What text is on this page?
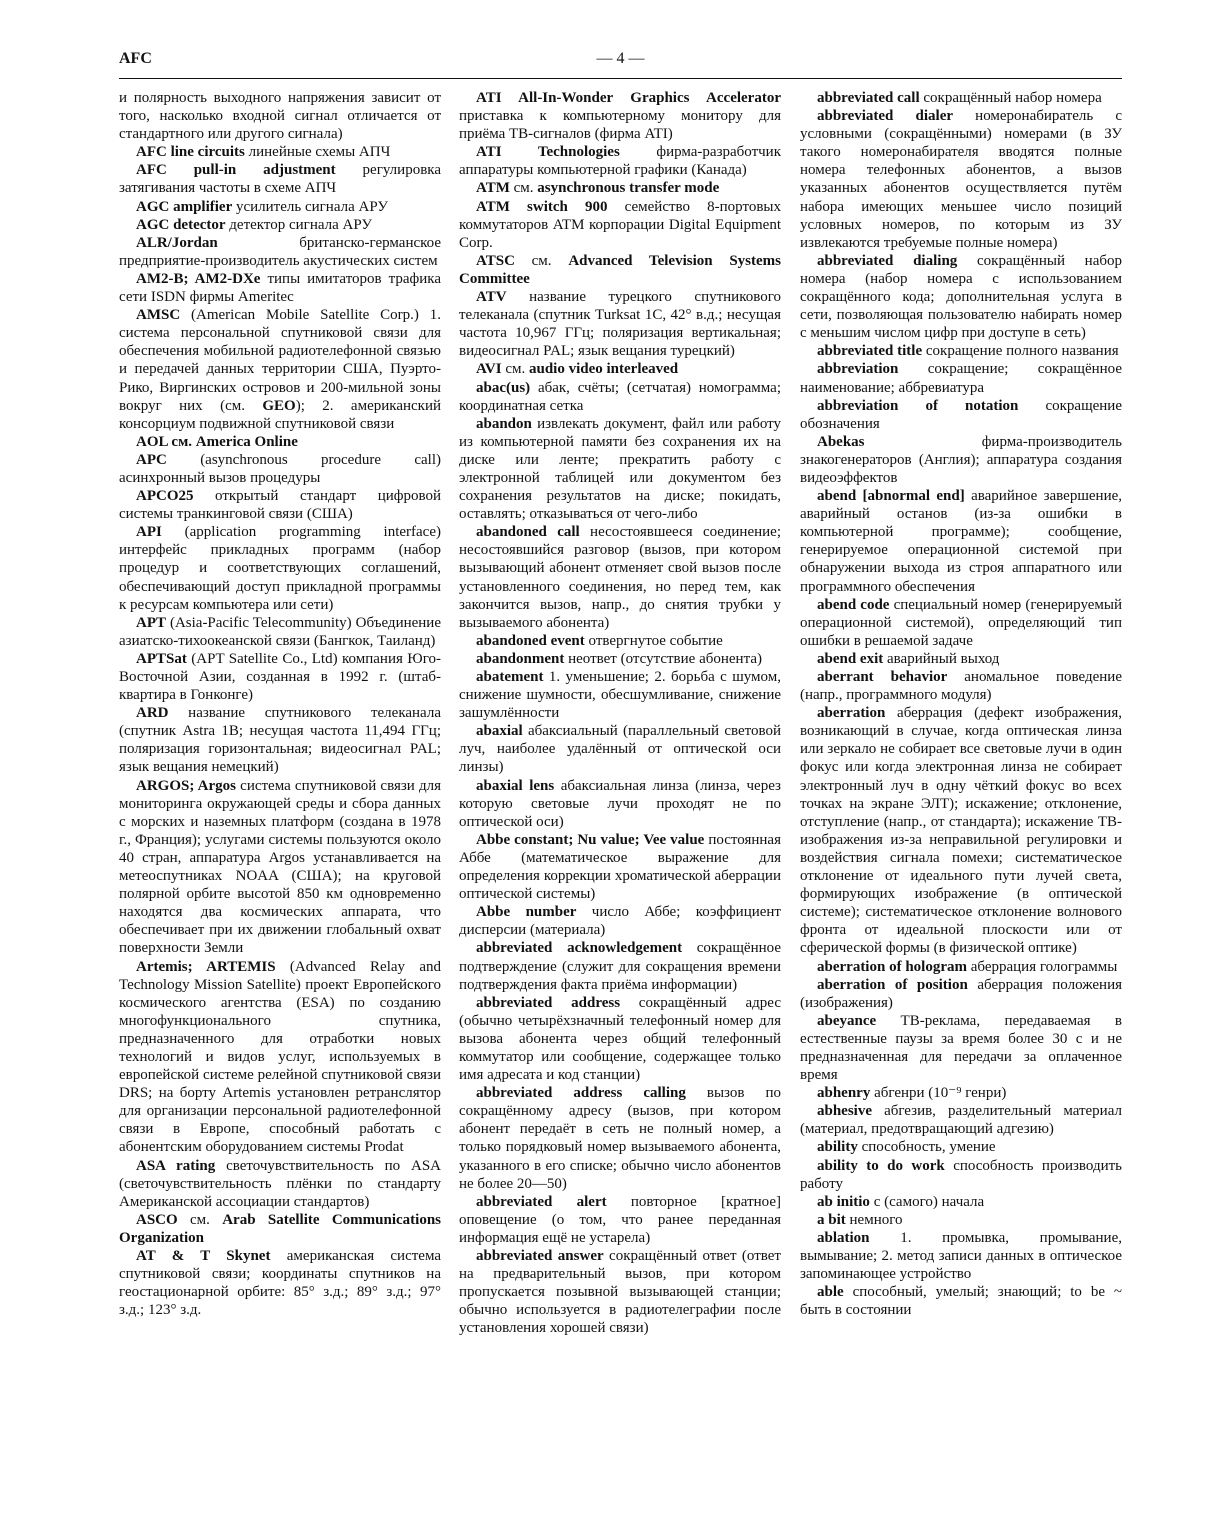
AFC	— 4 —

и полярность выходного напряжения зависит от того, насколько входной сигнал отличается от стандартного или другого сигнала)

AFC line circuits линейные схемы АПЧ

AFC pull-in adjustment регулировка затягивания частоты в схеме АПЧ

AGC amplifier усилитель сигнала АРУ

AGC detector детектор сигнала АРУ

ALR/Jordan британско-германское предприятие-производитель акустических систем

AM2-B; AM2-DXe типы имитаторов трафика сети ISDN фирмы Ameritec

AMSC (American Mobile Satellite Corp.) 1. система персональной спутниковой связи для обеспечения мобильной радиотелефонной связью и передачей данных территории США, Пуэрто-Рико, Виргинских островов и 200-мильной зоны вокруг них (см. GEO); 2. американский консорциум подвижной спутниковой связи

AOL см. America Online

APC (asynchronous procedure call) асинхронный вызов процедуры

APCO25 открытый стандарт цифровой системы транкинговой связи (США)

API (application programming interface) интерфейс прикладных программ (набор процедур и соответствующих соглашений, обеспечивающий доступ прикладной программы к ресурсам компьютера или сети)

APT (Asia-Pacific Telecommunity) Объединение азиатско-тихоокеанской связи (Бангкок, Таиланд)

APTSat (APT Satellite Co., Ltd) компания Юго-Восточной Азии, созданная в 1992 г. (штаб-квартира в Гонконге)

ARD название спутникового телеканала (спутник Astra 1B; несущая частота 11,494 ГГц; поляризация горизонтальная; видеосигнал PAL; язык вещания немецкий)

ARGOS; Argos система спутниковой связи для мониторинга окружающей среды и сбора данных с морских и наземных платформ (создана в 1978 г., Франция); услугами системы пользуются около 40 стран, аппаратура Argos устанавливается на метеоспутниках NOAA (США); на круговой полярной орбите высотой 850 км одновременно находятся два космических аппарата, что обеспечивает при их движении глобальный охват поверхности Земли

Artemis; ARTEMIS (Advanced Relay and Technology Mission Satellite) проект Европейского космического агентства (ESA) по созданию многофункционального спутника, предназначенного для отработки новых технологий и видов услуг, используемых в европейской системе релейной спутниковой связи DRS; на борту Artemis установлен ретранслятор для организации персональной радиотелефонной связи в Европе, способный работать с абонентским оборудованием системы Prodat

ASA rating светочувствительность по ASA (светочувствительность плёнки по стандарту Американской ассоциации стандартов)

ASCO см. Arab Satellite Communications Organization

AT & T Skynet американская система спутниковой связи; координаты спутников на геостационарной орбите: 85° з.д.; 89° з.д.; 97° з.д.; 123° з.д.

ATI All-In-Wonder Graphics Accelerator приставка к компьютерному монитору для приёма ТВ-сигналов (фирма ATI)

ATI Technologies фирма-разработчик аппаратуры компьютерной графики (Канада)

ATM см. asynchronous transfer mode

ATM switch 900 семейство 8-портовых коммутаторов ATM корпорации Digital Equipment Corp.

ATSC см. Advanced Television Systems Committee

ATV название турецкого спутникового телеканала (спутник Turksat 1C, 42° в.д.; несущая частота 10,967 ГГц; поляризация вертикальная; видеосигнал PAL; язык вещания турецкий)

AVI см. audio video interleaved

abac(us) абак, счёты; (сетчатая) номограмма; координатная сетка

abandon извлекать документ, файл или работу из компьютерной памяти без сохранения их на диске или ленте; прекратить работу с электронной таблицей или документом без сохранения результатов на диске; покидать, оставлять; отказываться от чего-либо

abandoned call несостоявшееся соединение; несостоявшийся разговор (вызов, при котором вызывающий абонент отменяет свой вызов после установленного соединения, но перед тем, как закончится вызов, напр., до снятия трубки у вызываемого абонента)

abandoned event отвергнутое событие

abandonment неответ (отсутствие абонента)

abatement 1. уменьшение; 2. борьба с шумом, снижение шумности, обесшумливание, снижение зашумлённости

abaxial абаксиальный (параллельный световой луч, наиболее удалённый от оптической оси линзы)

abaxial lens абаксиальная линза (линза, через которую световые лучи проходят не по оптической оси)

Abbe constant; Nu value; Vee value постоянная Аббе (математическое выражение для определения коррекции хроматической аберрации оптической системы)

Abbe number число Аббе; коэффициент дисперсии (материала)

abbreviated acknowledgement сокращённое подтверждение (служит для сокращения времени подтверждения факта приёма информации)

abbreviated address сокращённый адрес (обычно четырёхзначный телефонный номер для вызова абонента через общий телефонный коммутатор или сообщение, содержащее только имя адресата и код станции)

abbreviated address calling вызов по сокращённому адресу (вызов, при котором абонент передаёт в сеть не полный номер, а только порядковый номер вызываемого абонента, указанного в его списке; обычно число абонентов не более 20—50)

abbreviated alert повторное [кратное] оповещение (о том, что ранее переданная информация ещё не устарела)

abbreviated answer сокращённый ответ (ответ на предварительный вызов, при котором пропускается позывной вызывающей станции; обычно используется в радиотелеграфии после установления хорошей связи)

abbreviated call сокращённый набор номера

abbreviated dialer номеронабиратель с условными (сокращёнными) номерами (в ЗУ такого номеронабирателя вводятся полные номера телефонных абонентов, а вызов указанных абонентов осуществляется путём набора имеющих меньшее число позиций условных номеров, по которым из ЗУ извлекаются требуемые полные номера)

abbreviated dialing сокращённый набор номера (набор номера с использованием сокращённого кода; дополнительная услуга в сети, позволяющая пользователю набирать номер с меньшим числом цифр при доступе в сеть)

abbreviated title сокращение полного названия

abbreviation сокращение; сокращённое наименование; аббревиатура

abbreviation of notation сокращение обозначения

Abekas фирма-производитель знакогенераторов (Англия); аппаратура создания видеоэффектов

abend [abnormal end] аварийное завершение, аварийный останов (из-за ошибки в компьютерной программе); сообщение, генерируемое операционной системой при обнаружении выхода из строя аппаратного или программного обеспечения

abend code специальный номер (генерируемый операционной системой), определяющий тип ошибки в решаемой задаче

abend exit аварийный выход

aberrant behavior аномальное поведение (напр., программного модуля)

aberration аберрация (дефект изображения, возникающий в случае, когда оптическая линза или зеркало не собирает все световые лучи в один фокус или когда электронная линза не собирает электронный луч в одну чёткий фокус во всех точках на экране ЭЛТ); искажение; отклонение, отступление (напр., от стандарта); искажение ТВ-изображения из-за неправильной регулировки и воздействия сигнала помехи; систематическое отклонение от идеального пути лучей света, формирующих изображение (в оптической системе); систематическое отклонение волнового фронта от идеальной плоскости или от сферической формы (в физической оптике)

aberration of hologram аберрация голограммы

aberration of position аберрация положения (изображения)

abeyance ТВ-реклама, передаваемая в естественные паузы за время более 30 с и не предназначенная для передачи за оплаченное время

abhenry абгенри (10⁻⁹ генри)

abhesive абгезив, разделительный материал (материал, предотвращающий адгезию)

ability способность, умение

ability to do work способность производить работу

ab initio с (самого) начала

a bit немного

ablation 1. промывка, промывание, вымывание; 2. метод записи данных в оптическое запоминающее устройство

able способный, умелый; знающий; to be ~ быть в состоянии
